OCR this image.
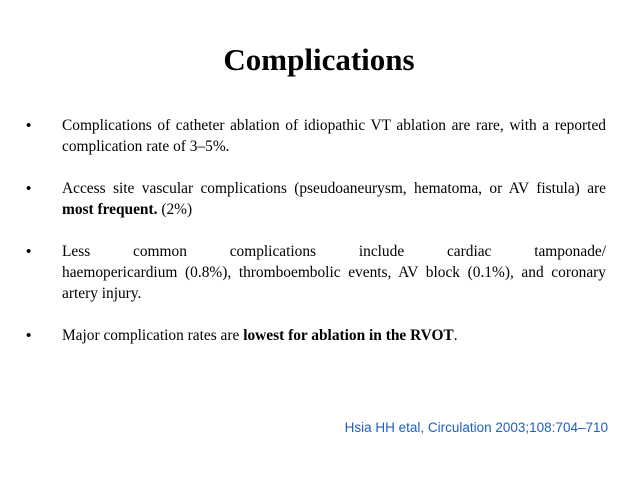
Complications
•	Complications of catheter ablation of idiopathic VT ablation are rare, with a reported complication rate of 3–5%.
•	Access site vascular complications (pseudoaneurysm, hematoma, or AV fistula) are most frequent. (2%)
•	Less common complications include cardiac tamponade/
haemopericardium (0.8%), thromboembolic events, AV block (0.1%), and coronary artery injury.
•	Major complication rates are lowest for ablation in the RVOT.
Hsia HH etal, Circulation 2003;108:704–710
